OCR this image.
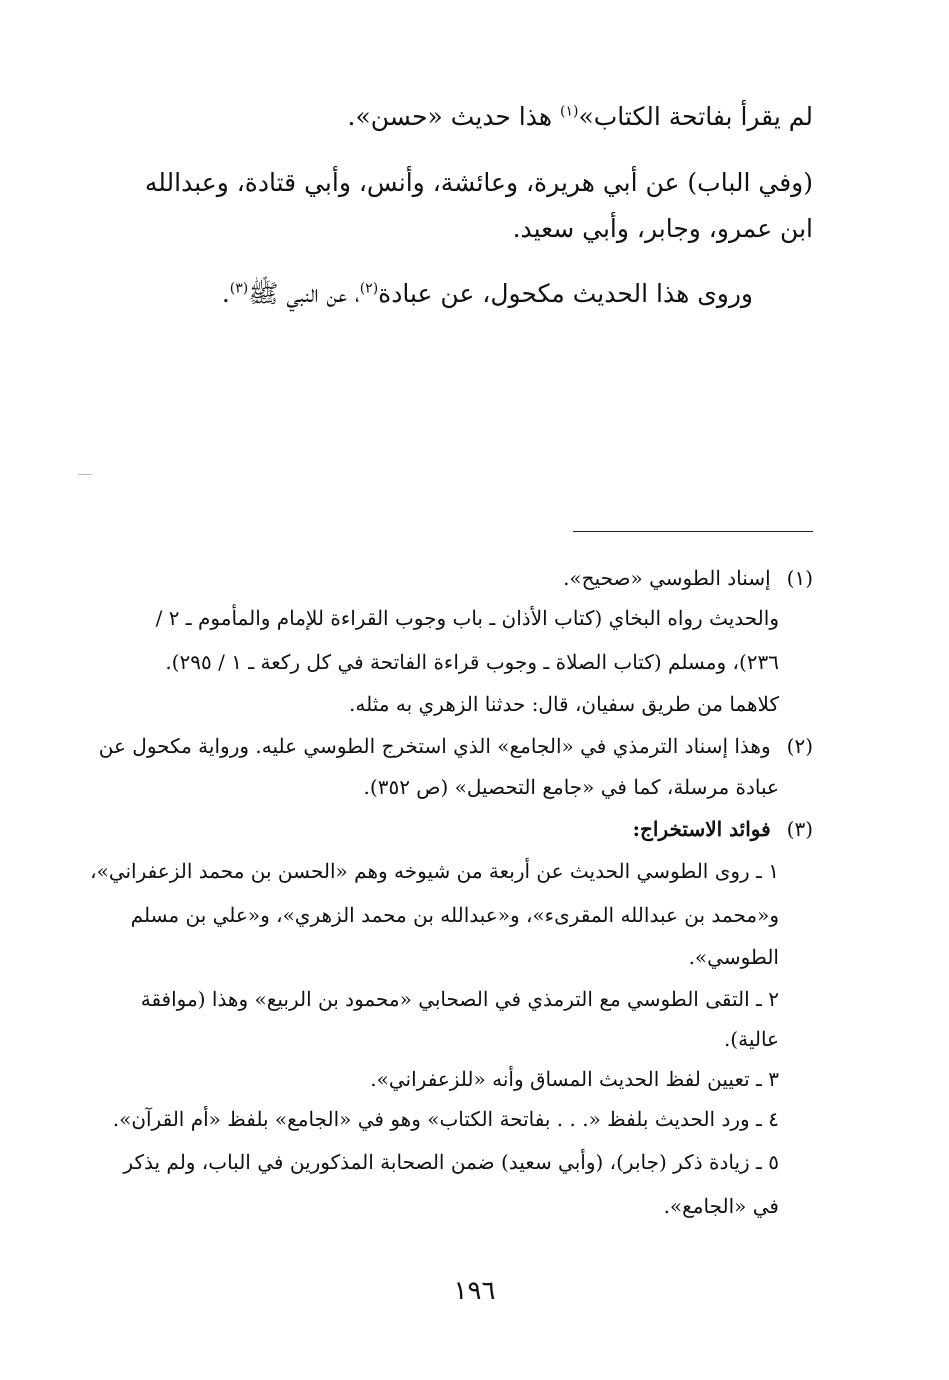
لم يقرأ بفاتحة الكتاب»$^{(١)}$ هذا حديث «حسن».
(وفي الباب) عن أبي هريرة، وعائشة، وأنس، وأبي قتادة، وعبدالله
ابن عمرو، وجابر، وأبي سعيد.
وروى هذا الحديث مكحول، عن عبادة$^{(٢)}$، عن النبي ﷺ$^{(٣)}$.
(١) إسناد الطوسي «صحيح».
والحديث رواه البخاي (كتاب الأذان ـ باب وجوب القراءة للإمام والمأموم ـ ٢ /
٢٣٦)، ومسلم (كتاب الصلاة ـ وجوب قراءة الفاتحة في كل ركعة ـ ١ / ٢٩٥).
كلاهما من طريق سفيان، قال: حدثنا الزهري به مثله.
(٢) وهذا إسناد الترمذي في «الجامع» الذي استخرج الطوسي عليه. ورواية مكحول عن
عبادة مرسلة، كما في «جامع التحصيل» (ص ٣٥٢).
(٣) فوائد الاستخراج:
١ ـ روى الطوسي الحديث عن أربعة من شيوخه وهم «الحسن بن محمد الزعفراني»،
و«محمد بن عبدالله المقرىء»، و«عبدالله بن محمد الزهري»، و«علي بن مسلم
الطوسي».
٢ ـ التقى الطوسي مع الترمذي في الصحابي «محمود بن الربيع» وهذا (موافقة
عالية).
٣ ـ تعيين لفظ الحديث المساق وأنه «للزعفراني».
٤ ـ ورد الحديث بلفظ «. . . بفاتحة الكتاب» وهو في «الجامع» بلفظ «أم القرآن».
٥ ـ زيادة ذكر (جابر)، (وأبي سعيد) ضمن الصحابة المذكورين في الباب، ولم يذكر
في «الجامع».
١٩٦
